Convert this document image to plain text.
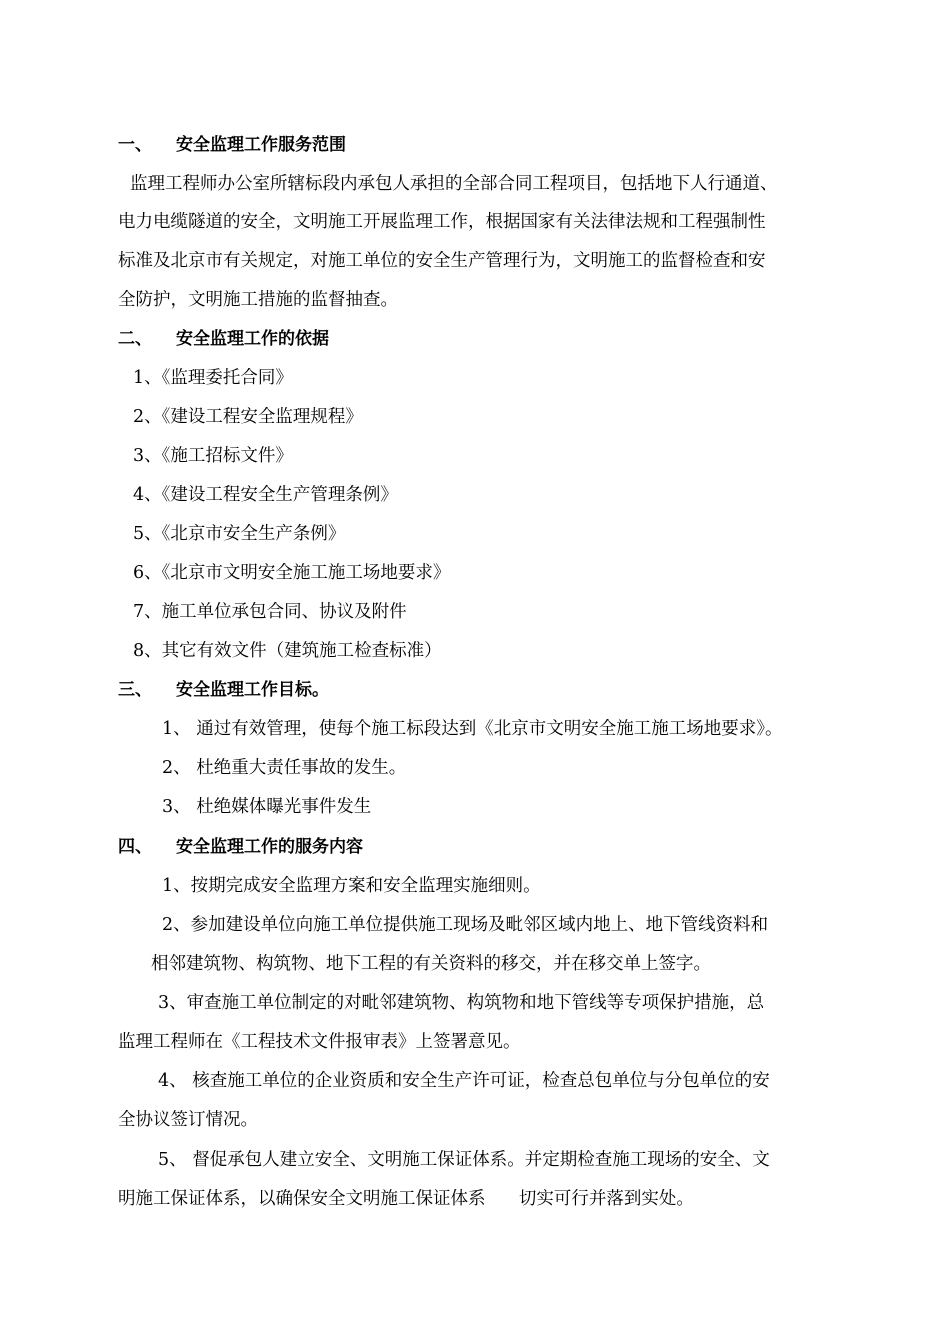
一、 安全监理工作服务范围
监理工程师办公室所辖标段内承包人承担的全部合同工程项目，包括地下人行通道、
电力电缆隧道的安全，文明施工开展监理工作，根据国家有关法律法规和工程强制性
标准及北京市有关规定，对施工单位的安全生产管理行为，文明施工的监督检查和安
全防护，文明施工措施的监督抽查。
二、 安全监理工作的依据
1、《监理委托合同》
2、《建设工程安全监理规程》
3、《施工招标文件》
4、《建设工程安全生产管理条例》
5、《北京市安全生产条例》
6、《北京市文明安全施工施工场地要求》
7、施工单位承包合同、协议及附件
8、其它有效文件（建筑施工检查标准）
三、 安全监理工作目标。
1、 通过有效管理，使每个施工标段达到《北京市文明安全施工施工场地要求》。
2、 杜绝重大责任事故的发生。
3、 杜绝媒体曝光事件发生
四、 安全监理工作的服务内容
1、按期完成安全监理方案和安全监理实施细则。
2、参加建设单位向施工单位提供施工现场及毗邻区域内地上、地下管线资料和
相邻建筑物、构筑物、地下工程的有关资料的移交，并在移交单上签字。
3、审查施工单位制定的对毗邻建筑物、构筑物和地下管线等专项保护措施，总
监理工程师在《工程技术文件报审表》上签署意见。
4、 核查施工单位的企业资质和安全生产许可证，检查总包单位与分包单位的安
全协议签订情况。
5、 督促承包人建立安全、文明施工保证体系。并定期检查施工现场的安全、文
明施工保证体系，以确保安全文明施工保证体系      切实可行并落到实处。
